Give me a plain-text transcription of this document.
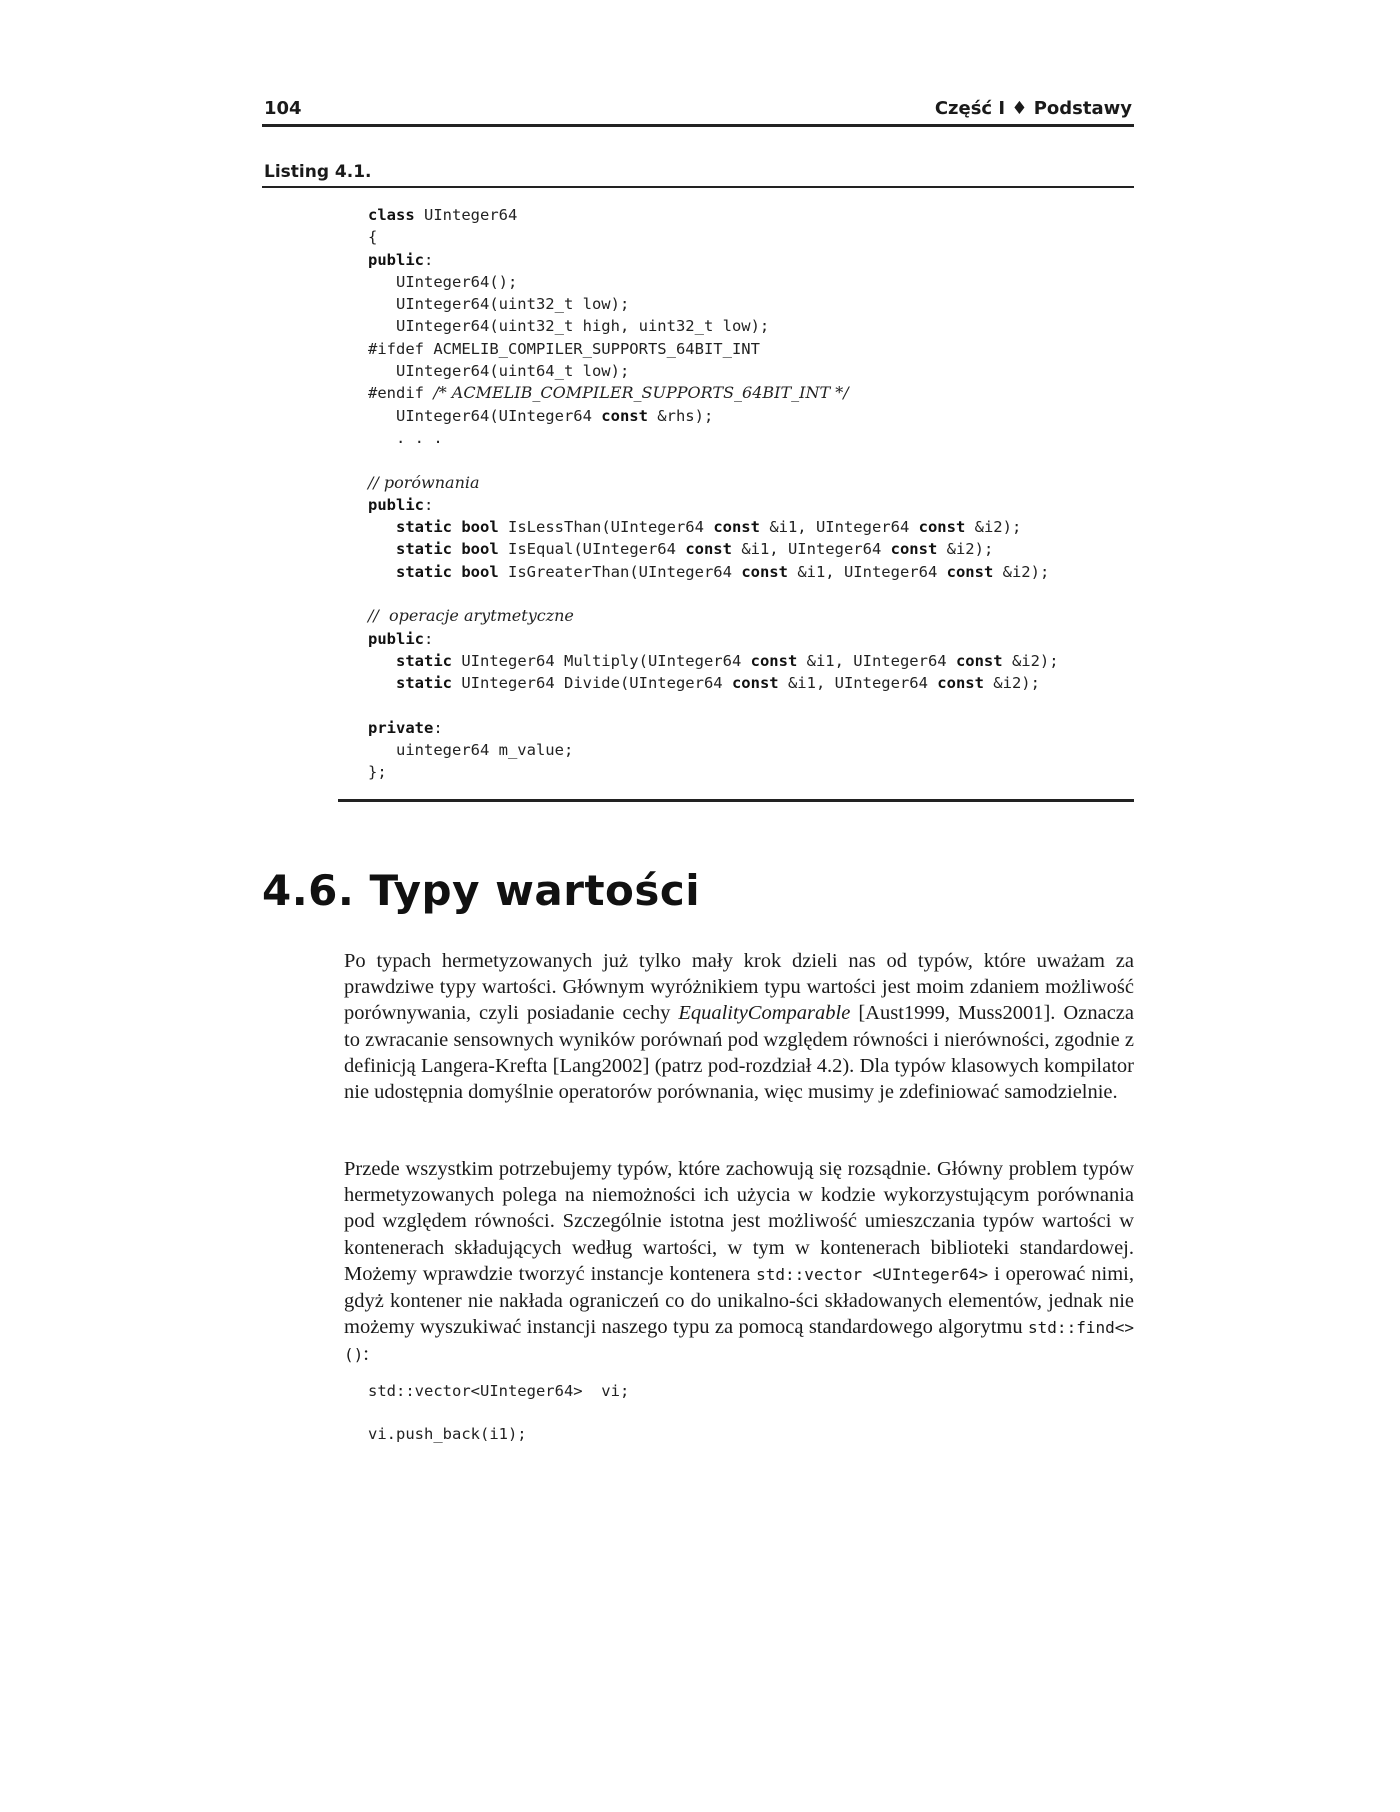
104	Część I ♦ Podstawy
Listing 4.1.
class UInteger64
{
public:
UInteger64();
UInteger64(uint32_t low);
UInteger64(uint32_t high, uint32_t low);
#ifdef ACMELIB_COMPILER_SUPPORTS_64BIT_INT
UInteger64(uint64_t low);
#endif /* ACMELIB_COMPILER_SUPPORTS_64BIT_INT */
UInteger64(UInteger64 const &rhs);
. . .
// porównania
public:
static bool IsLessThan(UInteger64 const &i1, UInteger64 const &i2);
static bool IsEqual(UInteger64 const &i1, UInteger64 const &i2);
static bool IsGreaterThan(UInteger64 const &i1, UInteger64 const &i2);
//  operacje arytmetyczne
public:
static UInteger64 Multiply(UInteger64 const &i1, UInteger64 const &i2);
static UInteger64 Divide(UInteger64 const &i1, UInteger64 const &i2);
private:
uinteger64 m_value;
};
4.6. Typy wartości
Po typach hermetyzowanych już tylko mały krok dzieli nas od typów, które uważam za prawdziwe typy wartości. Głównym wyróżnikiem typu wartości jest moim zdaniem możliwość porównywania, czyli posiadanie cechy EqualityComparable [Aust1999, Muss2001]. Oznacza to zwracanie sensownych wyników porównań pod względem równości i nierówności, zgodnie z definicją Langera-Krefta [Lang2002] (patrz pod-rozdział 4.2). Dla typów klasowych kompilator nie udostępnia domyślnie operatorów porównania, więc musimy je zdefiniować samodzielnie.
Przede wszystkim potrzebujemy typów, które zachowują się rozsądnie. Główny problem typów hermetyzowanych polega na niemożności ich użycia w kodzie wykorzystującym porównania pod względem równości. Szczególnie istotna jest możliwość umieszczania typów wartości w kontenerach składujących według wartości, w tym w kontenerach biblioteki standardowej. Możemy wprawdzie tworzyć instancje kontenera std::vector <UInteger64> i operować nimi, gdyż kontener nie nakłada ograniczeń co do unikalno-ści składowanych elementów, jednak nie możemy wyszukiwać instancji naszego typu za pomocą standardowego algorytmu std::find<>():
std::vector<UInteger64>  vi;
vi.push_back(i1);
